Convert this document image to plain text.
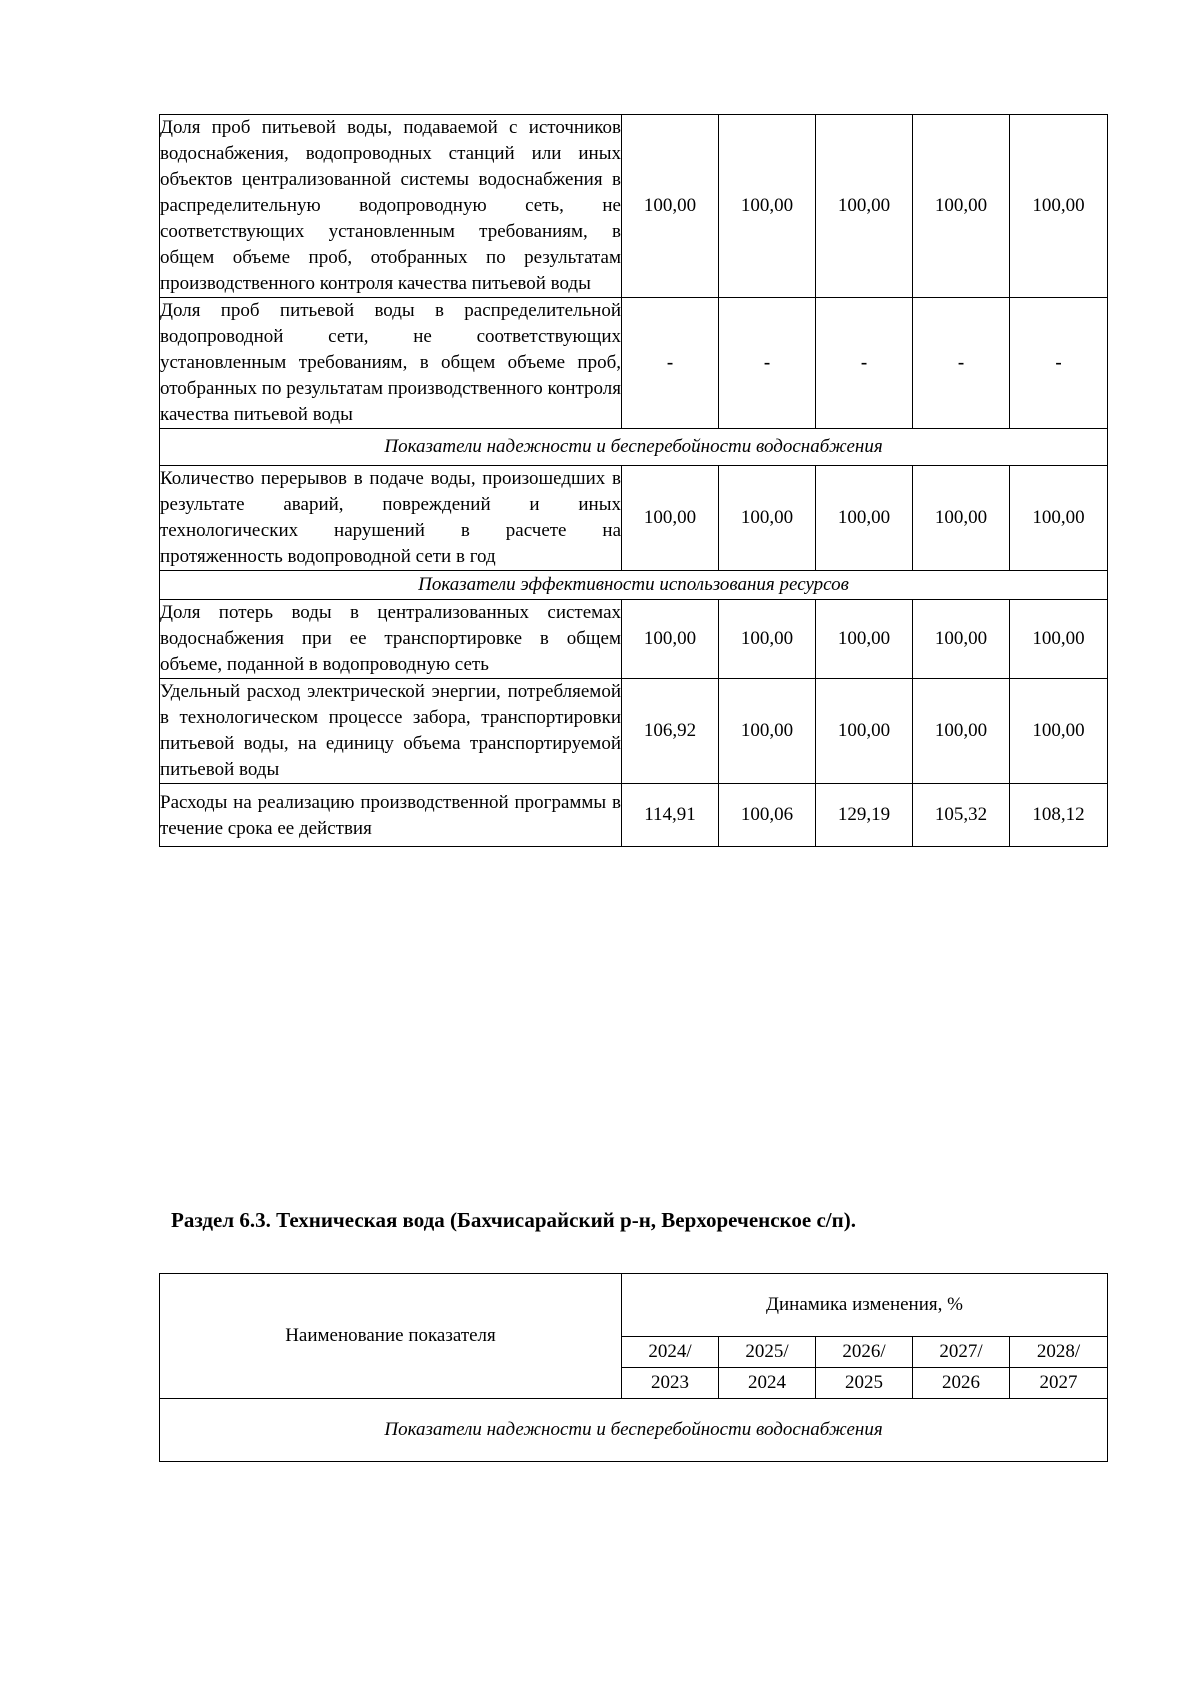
Доля проб питьевой воды, подаваемой с источников водоснабжения, водопроводных станций или иных объектов централизованной системы водоснабжения в распределительную водопроводную сеть, не соответствующих установленным требованиям, в общем объеме проб, отобранных по результатам производственного контроля качества питьевой воды	100,00	100,00	100,00	100,00	100,00
Доля проб питьевой воды в распределительной водопроводной сети, не соответствующих установленным требованиям, в общем объеме проб, отобранных по результатам производственного контроля качества питьевой воды	-	-	-	-	-
Показатели надежности и бесперебойности водоснабжения					
Количество перерывов в подаче воды, произошедших в результате аварий, повреждений и иных технологических нарушений в расчете на протяженность водопроводной сети в год	100,00	100,00	100,00	100,00	100,00
Показатели эффективности использования ресурсов					
Доля потерь воды в централизованных системах водоснабжения при ее транспортировке в общем объеме, поданной в водопроводную сеть	100,00	100,00	100,00	100,00	100,00
Удельный расход электрической энергии, потребляемой в технологическом процессе забора, транспортировки питьевой воды, на единицу объема транспортируемой питьевой воды	106,92	100,00	100,00	100,00	100,00
Расходы на реализацию производственной программы в течение срока ее действия	114,91	100,06	129,19	105,32	108,12
Раздел 6.3. Техническая вода (Бахчисарайский р-н, Верхореченское с/п).
Наименование показателя	Динамика изменения, %				
	2024/	2025/	2026/	2027/	2028/
	2023	2024	2025	2026	2027
Показатели надежности и бесперебойности водоснабжения					
